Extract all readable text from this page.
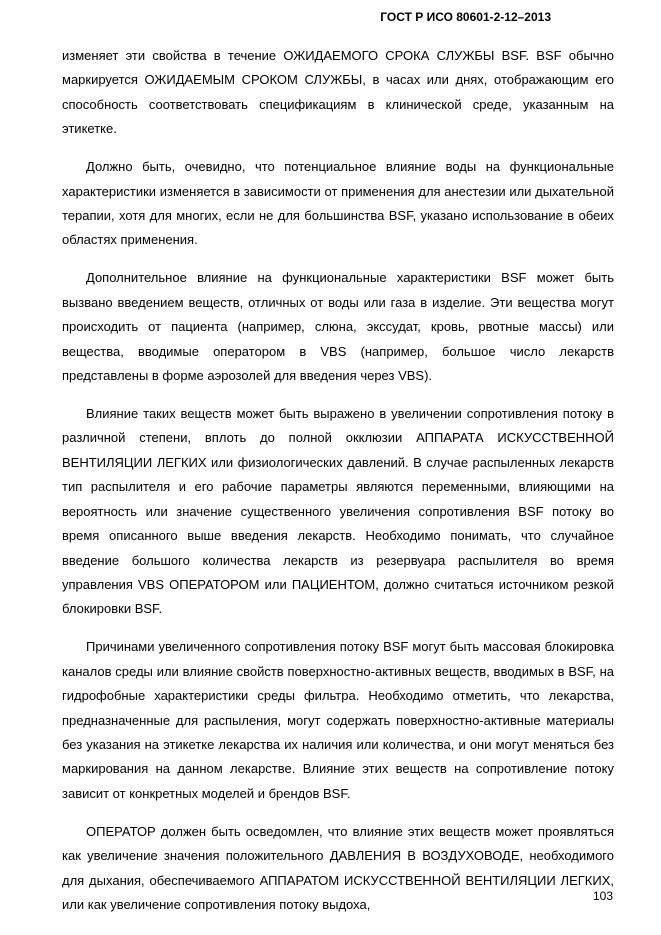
ГОСТ Р ИСО 80601-2-12–2013

изменяет эти свойства в течение ОЖИДАЕМОГО СРОКА СЛУЖБЫ BSF. BSF обычно маркируется ОЖИДАЕМЫМ СРОКОМ СЛУЖБЫ, в часах или днях, отображающим его способность соответствовать спецификациям в клинической среде, указанным на этикетке.

Должно быть, очевидно, что потенциальное влияние воды на функциональные характеристики изменяется в зависимости от применения для анестезии или дыхательной терапии, хотя для многих, если не для большинства BSF, указано использование в обеих областях применения.

Дополнительное влияние на функциональные характеристики BSF может быть вызвано введением веществ, отличных от воды или газа в изделие. Эти вещества могут происходить от пациента (например, слюна, экссудат, кровь, рвотные массы) или вещества, вводимые оператором в VBS (например, большое число лекарств представлены в форме аэрозолей для введения через VBS).

Влияние таких веществ может быть выражено в увеличении сопротивления потоку в различной степени, вплоть до полной окклюзии АППАРАТА ИСКУССТВЕННОЙ ВЕНТИЛЯЦИИ ЛЕГКИХ или физиологических давлений. В случае распыленных лекарств тип распылителя и его рабочие параметры являются переменными, влияющими на вероятность или значение существенного увеличения сопротивления BSF потоку во время описанного выше введения лекарств. Необходимо понимать, что случайное введение большого количества лекарств из резервуара распылителя во время управления VBS ОПЕРАТОРОМ или ПАЦИЕНТОМ, должно считаться источником резкой блокировки BSF.

Причинами увеличенного сопротивления потоку BSF могут быть массовая блокировка каналов среды или влияние свойств поверхностно-активных веществ, вводимых в BSF, на гидрофобные характеристики среды фильтра. Необходимо отметить, что лекарства, предназначенные для распыления, могут содержать поверхностно-активные материалы без указания на этикетке лекарства их наличия или количества, и они могут меняться без маркирования на данном лекарстве. Влияние этих веществ на сопротивление потоку зависит от конкретных моделей и брендов BSF.

ОПЕРАТОР должен быть осведомлен, что влияние этих веществ может проявляться как увеличение значения положительного ДАВЛЕНИЯ В ВОЗДУХОВОДЕ, необходимого для дыхания, обеспечиваемого АППАРАТОМ ИСКУССТВЕННОЙ ВЕНТИЛЯЦИИ ЛЕГКИХ, или как увеличение сопротивления потоку выдоха,

103
